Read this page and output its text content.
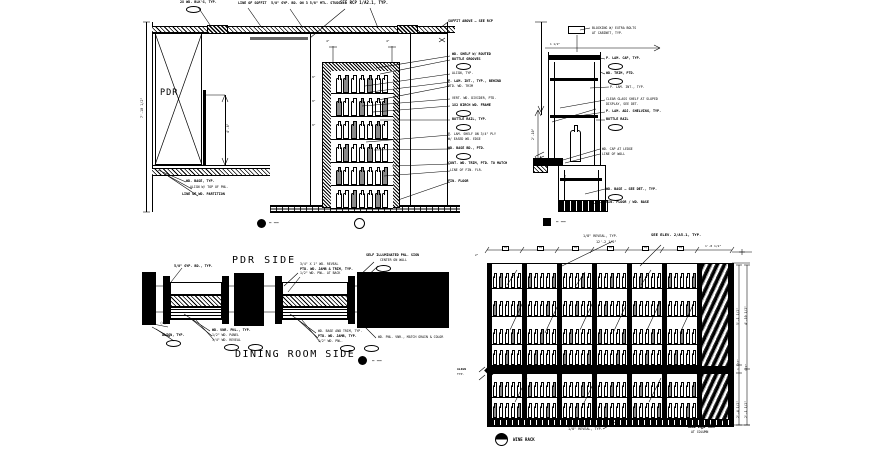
PDR
2X WD. BLK'G, TYP.	LINE OF SOFFIT 5/8" GYP. BD. ON 3 5/8" MTL. STUDS SEE RCP 1/A2.1, TYP.
7'-10 1/2"
4'-6"
4"	4"
9"
9"
9"
SOFFIT ABOVE — SEE RCP
WD. SHELF W/ ROUTED
BOTTLE GROOVES
ALIGN, TYP.
P. LAM. INT., TYP., BEHIND
PTD. WD. TRIM
VERT. WD. DIVIDER, PTD.
1X2 BIRCH WD. FRAME
BOTTLE RAIL, TYP.
P. LAM. SHELF ON 3/4" PLY
W/ EASED WD. EDGE
WD. BASE BD., PTD.
CONT. WD. TRIM, PTD. TO MATCH
LINE OF FIN. FLR.
FIN. FLOOR
WD. BASE, TYP.
ALIGN W/ TOP OF PNL.
LINE OF WD. PARTITION
— ——
BLOCKING W/ EXTRA BOLTS
AT CABINET, TYP.
P. LAM. CAP, TYP.
WD. TRIM, PTD.
P. LAM. INT., TYP.
CLEAR GLASS SHELF AT SLOPED
DISPLAY, SEE DET.
P. LAM. ADJ. SHELVING, TYP.
BOTTLE RAIL
WD. CAP AT LEDGE
LINE OF WALL
1'-0"
WD. BASE — SEE DET., TYP.
FIN. FLOOR / WD. BASE
2'-10"
— ——
1 1/2"
PDR SIDE
DINING ROOM SIDE
5/8" GYP. BD., TYP.	3/4" X 1" WD. REVEAL
PTD. WD. JAMB & TRIM, TYP.
1/2" WD. PNL. AT BACK
SELF ILLUMINATED PNL. SIGN
CENTER ON WALL
(4)
ALIGN, TYP.
WD. VNR. PNL., TYP.
1/2" WD. PANEL
1/4" WD. REVEAL
WD. BASE AND TRIM, TYP.
PTD. WD. JAMB, TYP.
1/2" WD. PNL.
WD. PNL. VNR., MATCH GRAIN & COLOR
— ——
1/8" REVEAL, TYP.
12'-2 1/2"
SEE ELEV. 2/A5.1, TYP.
1'-8 1/2"
EQ	EQ	EQ	EQ	EQ	EQ
ALIGN
TYP.
2"
5'-1 1/2" 4'-10 1/2"
1 1/2" 1/2"
2'-4 1/2" 2'-1 1/2"
1/8" REVEAL, TYP.	WOOD VNR. TRIM
AT COLUMN
WINE RACK
